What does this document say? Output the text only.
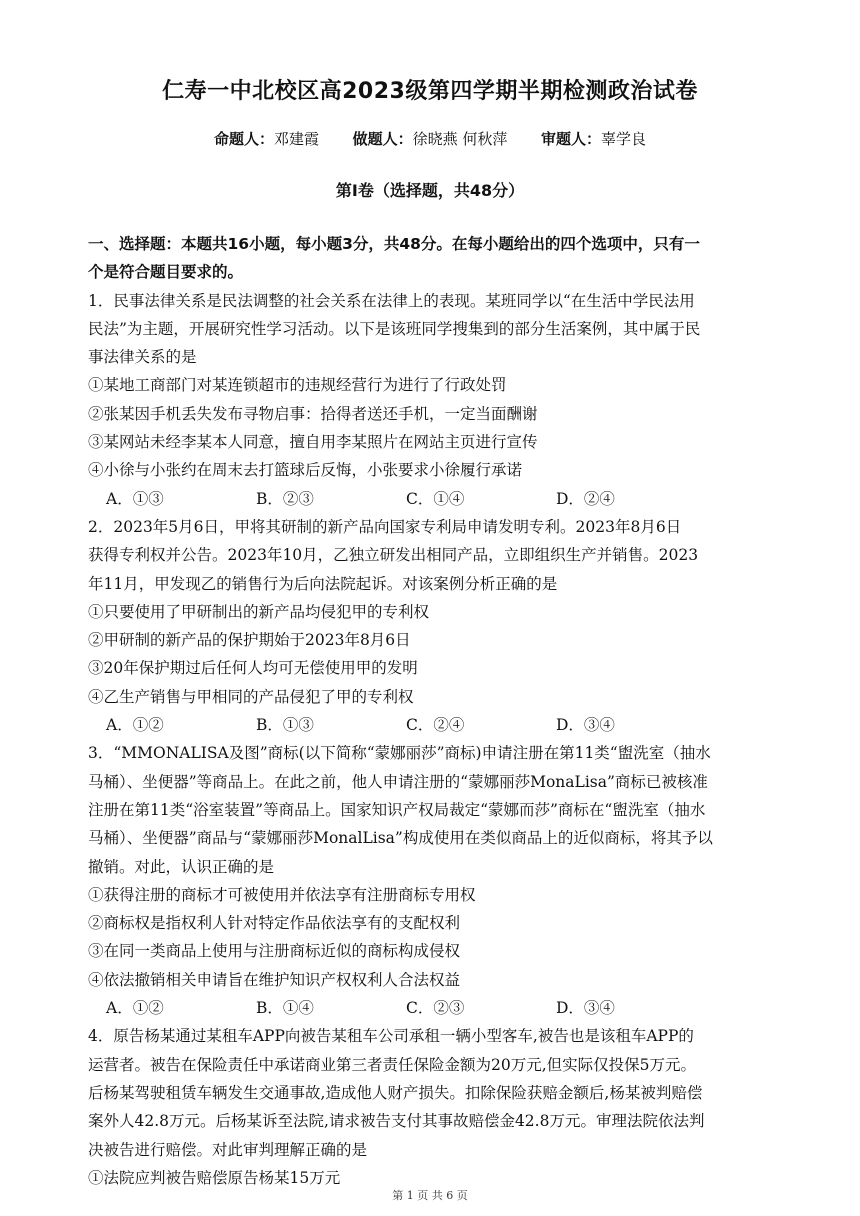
仁寿一中北校区高2023级第四学期半期检测政治试卷
命题人：邓建霞 做题人：徐晓燕 何秋萍 审题人：辜学良
第Ⅰ卷（选择题，共48分）
一、选择题：本题共16小题，每小题3分，共48分。在每小题给出的四个选项中，只有一
个是符合题目要求的。
1．民事法律关系是民法调整的社会关系在法律上的表现。某班同学以“在生活中学民法用
民法”为主题，开展研究性学习活动。以下是该班同学搜集到的部分生活案例，其中属于民
事法律关系的是
①某地工商部门对某连锁超市的违规经营行为进行了行政处罚
②张某因手机丢失发布寻物启事：拾得者送还手机，一定当面酬谢
③某网站未经李某本人同意，擅自用李某照片在网站主页进行宣传
④小徐与小张约在周末去打篮球后反悔，小张要求小徐履行承诺
A．①③	B．②③	C．①④	D．②④
2．2023年5月6日，甲将其研制的新产品向国家专利局申请发明专利。2023年8月6日
获得专利权并公告。2023年10月，乙独立研发出相同产品，立即组织生产并销售。2023
年11月，甲发现乙的销售行为后向法院起诉。对该案例分析正确的是
①只要使用了甲研制出的新产品均侵犯甲的专利权
②甲研制的新产品的保护期始于2023年8月6日
③20年保护期过后任何人均可无偿使用甲的发明
④乙生产销售与甲相同的产品侵犯了甲的专利权
A．①②	B．①③	C．②④	D．③④
3．“MMONALISA及图”商标(以下简称“蒙娜丽莎”商标)申请注册在第11类“盥洗室（抽水
马桶）、坐便器”等商品上。在此之前，他人申请注册的“蒙娜丽莎MonaLisa”商标已被核准
注册在第11类“浴室装置”等商品上。国家知识产权局裁定“蒙娜而莎”商标在“盥洗室（抽水
马桶）、坐便器”商品与“蒙娜丽莎MonalLisa”构成使用在类似商品上的近似商标，将其予以
撤销。对此，认识正确的是
①获得注册的商标才可被使用并依法享有注册商标专用权
②商标权是指权利人针对特定作品依法享有的支配权利
③在同一类商品上使用与注册商标近似的商标构成侵权
④依法撤销相关申请旨在维护知识产权权利人合法权益
A．①②	B．①④	C．②③	D．③④
4．原告杨某通过某租车APP向被告某租车公司承租一辆小型客车,被告也是该租车APP的
运营者。被告在保险责任中承诺商业第三者责任保险金额为20万元,但实际仅投保5万元。
后杨某驾驶租赁车辆发生交通事故,造成他人财产损失。扣除保险获赔金额后,杨某被判赔偿
案外人42.8万元。后杨某诉至法院,请求被告支付其事故赔偿金42.8万元。审理法院依法判
决被告进行赔偿。对此审判理解正确的是
①法院应判被告赔偿原告杨某15万元
第 1 页 共 6 页
